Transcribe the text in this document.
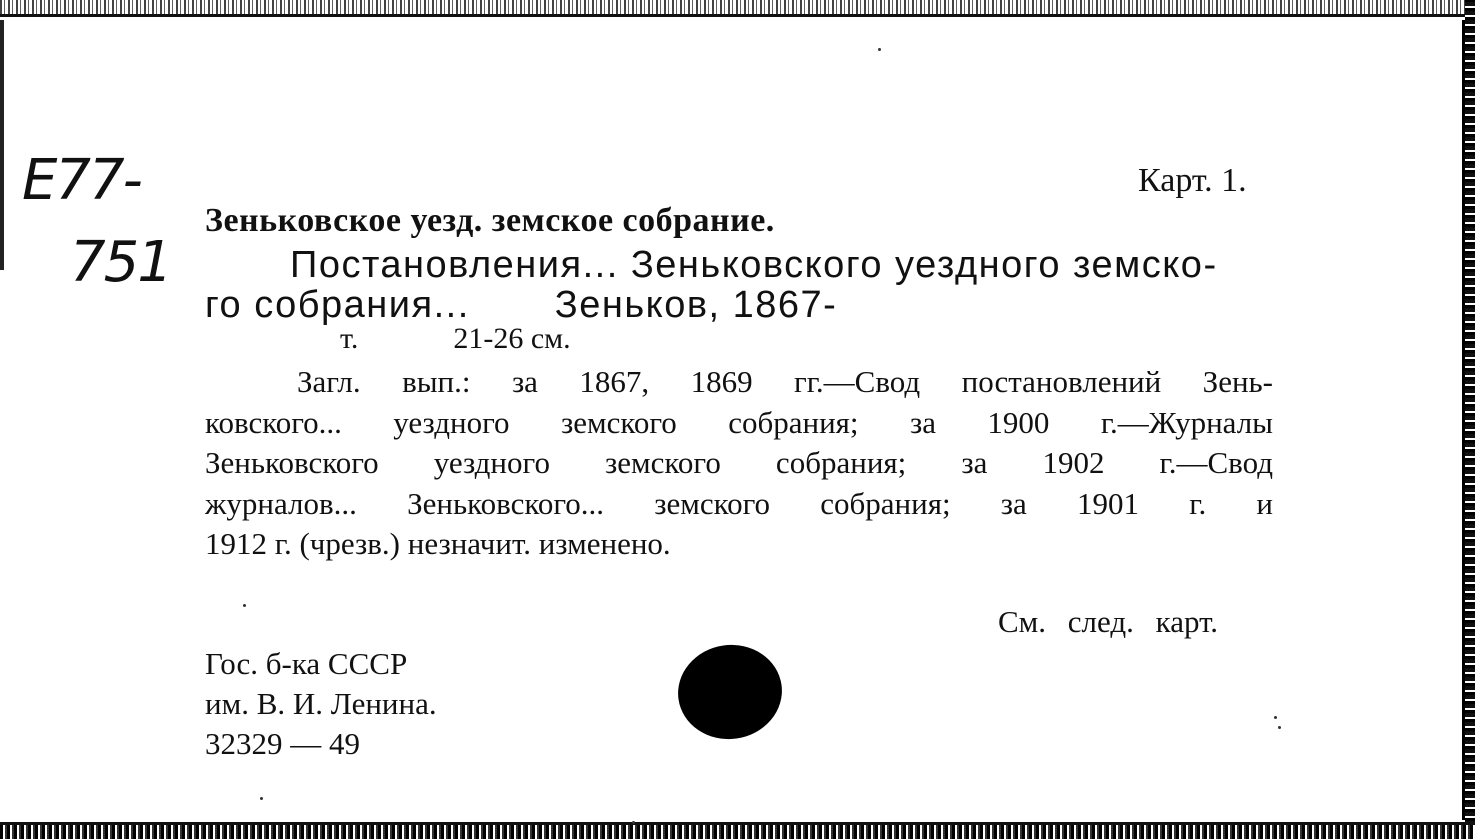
E77-
751
Карт. 1.
Зеньковское уезд. земское собрание.
Постановления... Зеньковского уездного земско-
го собрания... Зеньков, 1867-
т.	21-26 см.
Загл. вып.: за 1867, 1869 гг.—Свод постановлений Зень-
ковского... уездного земского собрания; за 1900 г.—Журналы
Зеньковского уездного земского собрания; за 1902 г.—Свод
журналов... Зеньковского... земского собрания; за 1901 г. и
1912 г. (чрезв.) незначит. изменено.
См. след. карт.
Гос. б-ка СССР
им. В. И. Ленина.
32329 — 49
